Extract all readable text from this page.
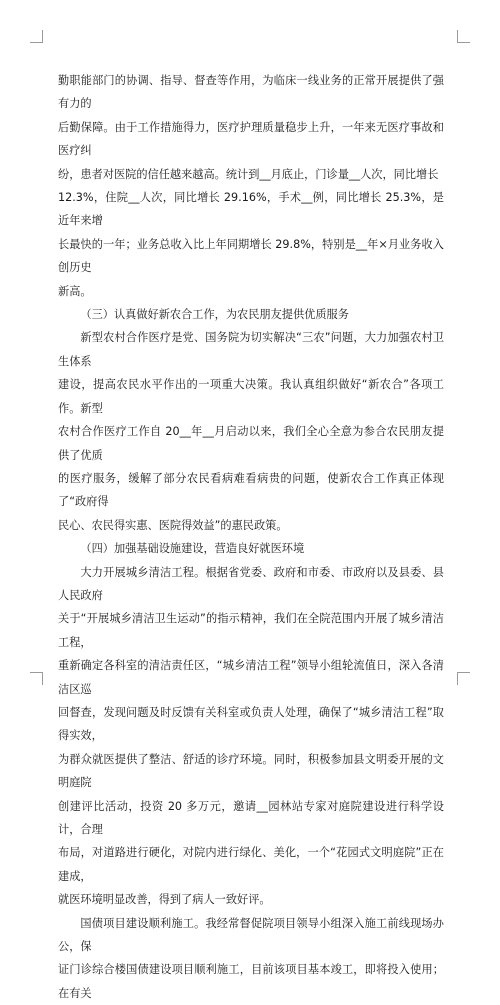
勤职能部门的协调、指导、督查等作用，为临床一线业务的正常开展提供了强有力的
后勤保障。由于工作措施得力，医疗护理质量稳步上升，一年来无医疗事故和医疗纠
纷，患者对医院的信任越来越高。统计到__月底止，门诊量__人次，同比增长
12.3%，住院__人次，同比增长 29.16%，手术__例，同比增长 25.3%，是近年来增
长最快的一年；业务总收入比上年同期增长 29.8%，特别是__年×月业务收入创历史
新高。

（三）认真做好新农合工作，为农民朋友提供优质服务

新型农村合作医疗是党、国务院为切实解决“三农”问题，大力加强农村卫生体系
建设，提高农民水平作出的一项重大决策。我认真组织做好“新农合”各项工作。新型
农村合作医疗工作自 20__年__月启动以来，我们全心全意为参合农民朋友提供了优质
的医疗服务，缓解了部分农民看病难看病贵的问题，使新农合工作真正体现了“政府得
民心、农民得实惠、医院得效益”的惠民政策。

（四）加强基础设施建设，营造良好就医环境

大力开展城乡清洁工程。根据省党委、政府和市委、市政府以及县委、县人民政府
关于“开展城乡清洁卫生运动”的指示精神，我们在全院范围内开展了城乡清洁工程，
重新确定各科室的清洁责任区，“城乡清洁工程”领导小组轮流值日，深入各清洁区巡
回督查，发现问题及时反馈有关科室或负责人处理，确保了“城乡清洁工程”取得实效，
为群众就医提供了整洁、舒适的诊疗环境。同时，积极参加县文明委开展的文明庭院
创建评比活动，投资 20 多万元，邀请__园林站专家对庭院建设进行科学设计，合理
布局，对道路进行硬化，对院内进行绿化、美化，一个“花园式文明庭院”正在建成，
就医环境明显改善，得到了病人一致好评。

国债项目建设顺利施工。我经常督促院项目领导小组深入施工前线现场办公，保
证门诊综合楼国债建设项目顺利施工，目前该项目基本竣工，即将投入使用；在有关
